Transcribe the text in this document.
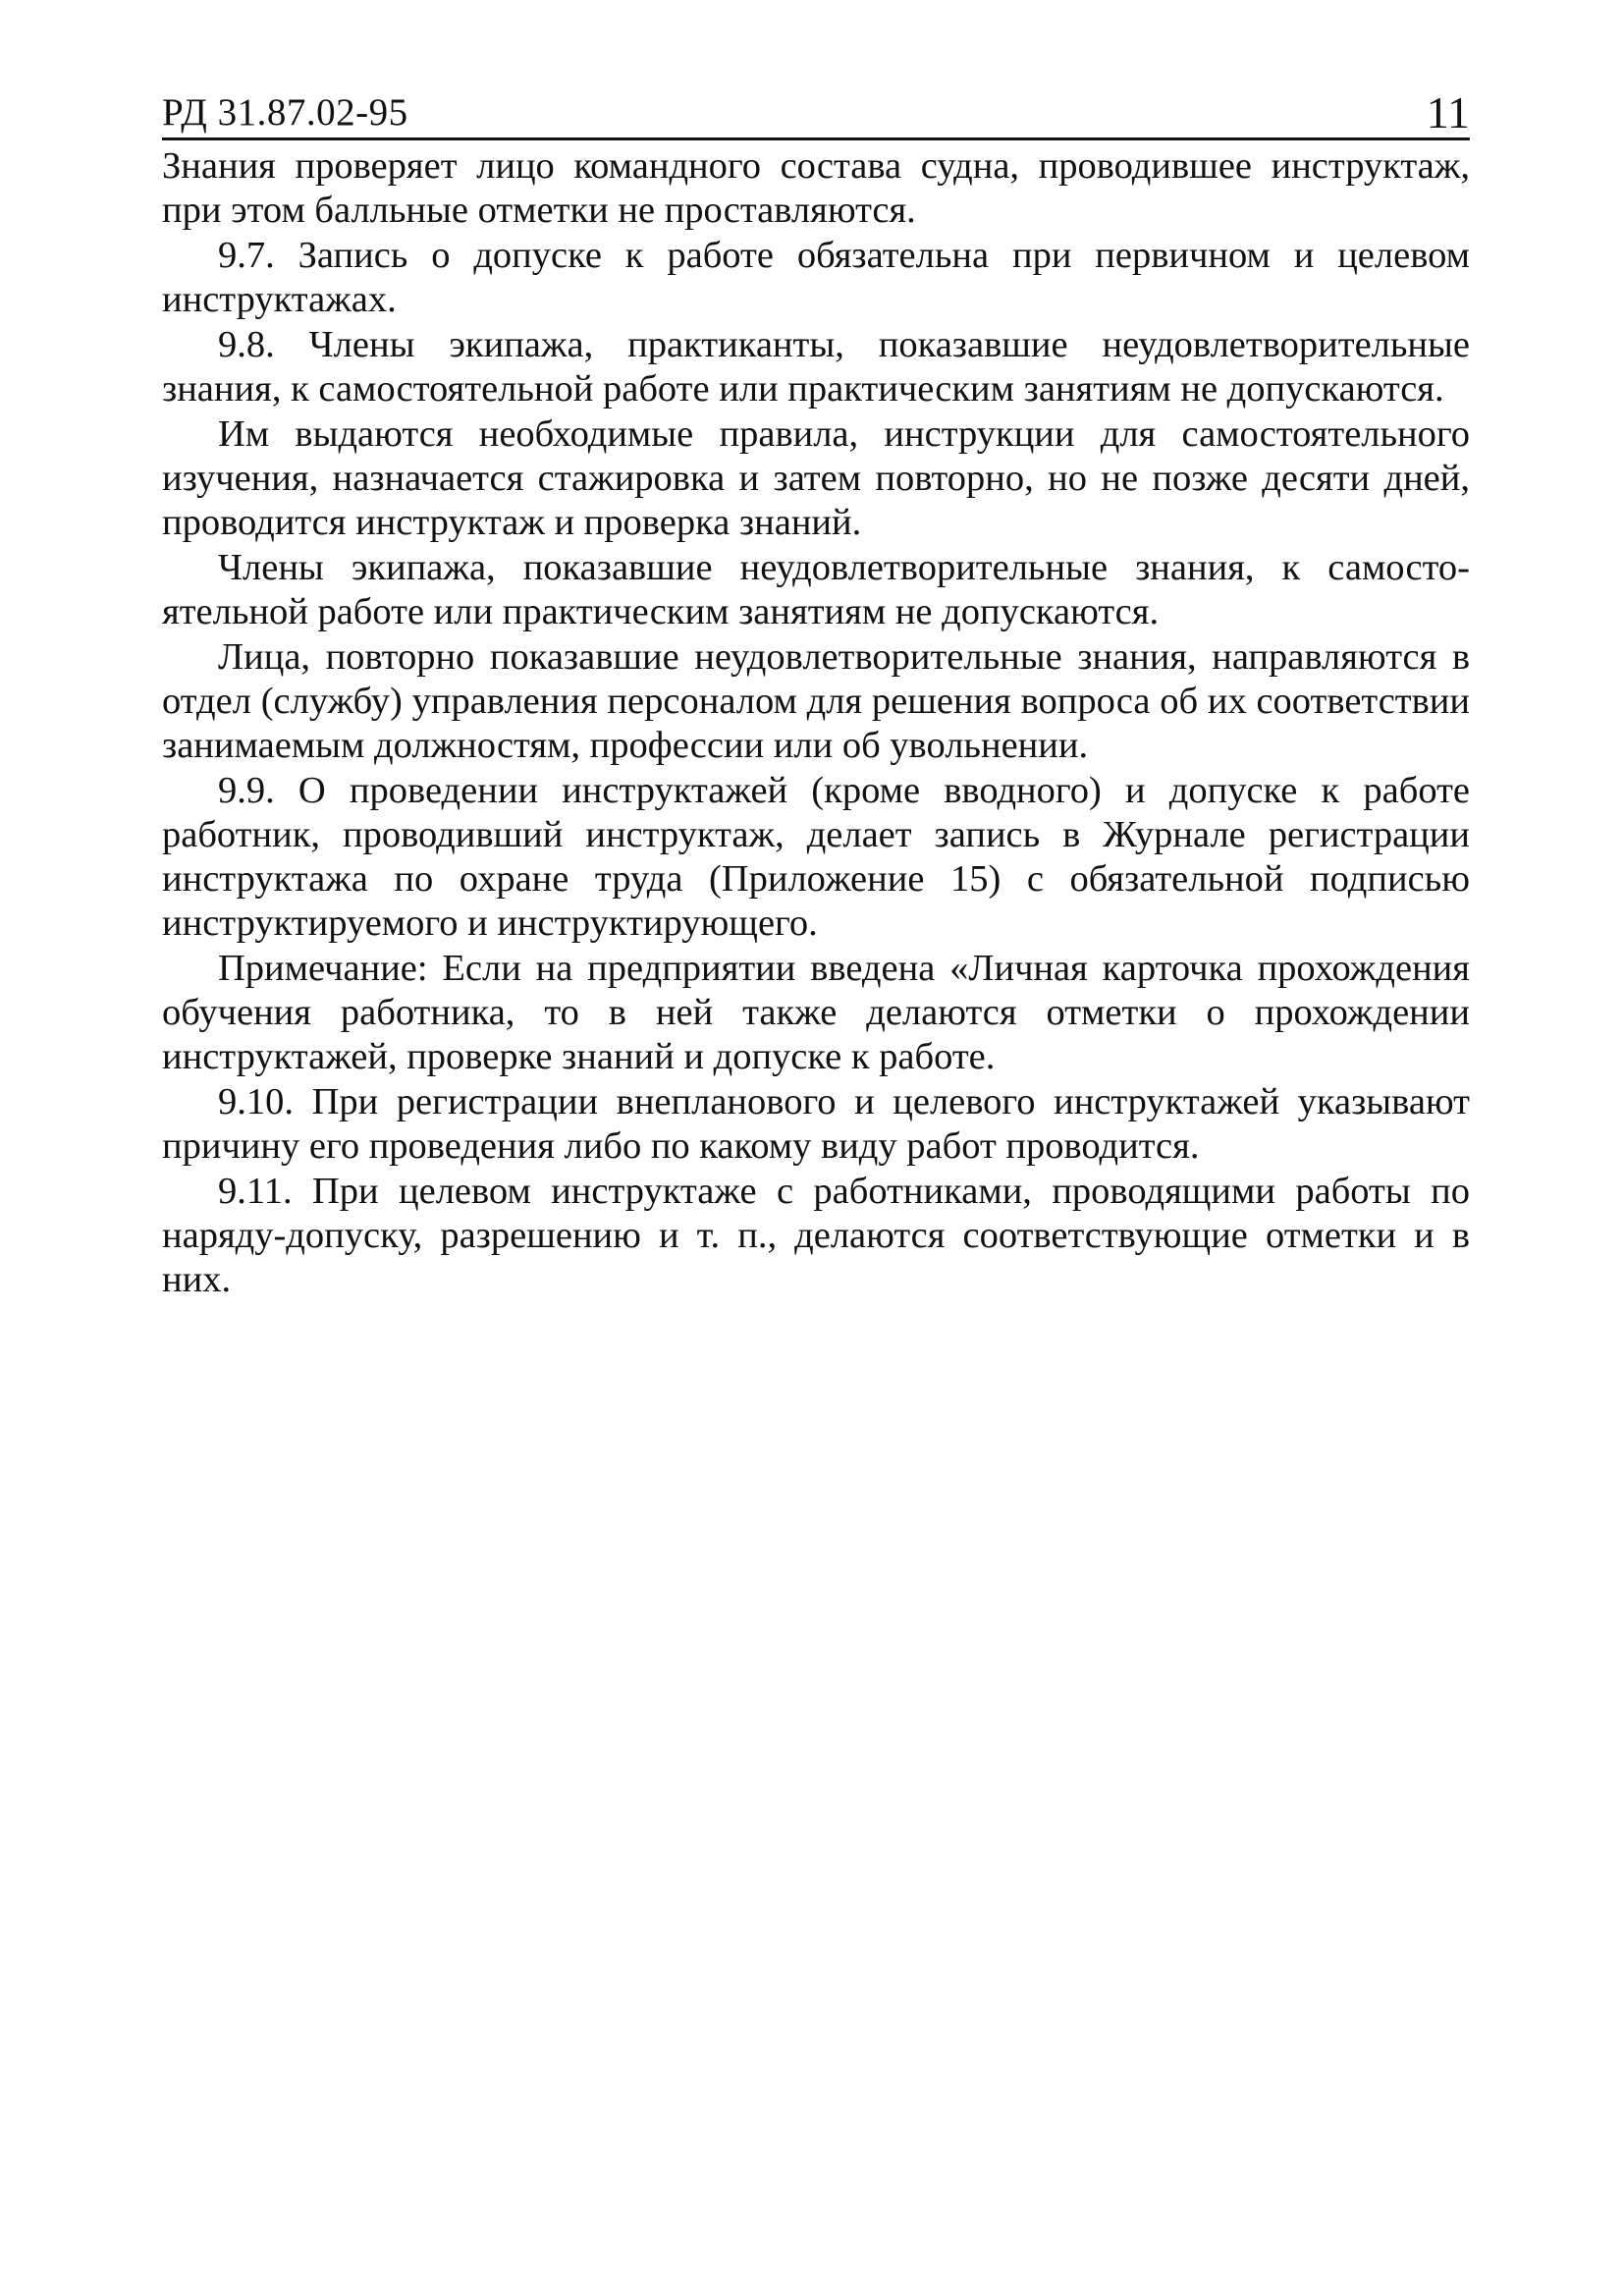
РД 31.87.02-95	11

Знания проверяет лицо командного состава судна, проводившее инструктаж, при этом балльные отметки не проставляются.

9.7. Запись о допуске к работе обязательна при первичном и целевом инструктажах.

9.8. Члены экипажа, практиканты, показавшие неудовлетворительные знания, к самостоятельной работе или практическим занятиям не допускаются.

Им выдаются необходимые правила, инструкции для самостоятельного изучения, назначается стажировка и затем повторно, но не позже десяти дней, проводится инструктаж и проверка знаний.

Члены экипажа, показавшие неудовлетворительные знания, к самостоятельной работе или практическим занятиям не допускаются.

Лица, повторно показавшие неудовлетворительные знания, направляются в отдел (службу) управления персоналом для решения вопроса об их соответствии занимаемым должностям, профессии или об увольнении.

9.9. О проведении инструктажей (кроме вводного) и допуске к работе работник, проводивший инструктаж, делает запись в Журнале регистрации инструктажа по охране труда (Приложение 15) с обязательной подписью инструктируемого и инструктирующего.

Примечание: Если на предприятии введена «Личная карточка прохождения обучения работника, то в ней также делаются отметки о прохождении инструктажей, проверке знаний и допуске к работе.

9.10. При регистрации внепланового и целевого инструктажей указывают причину его проведения либо по какому виду работ проводится.

9.11. При целевом инструктаже с работниками, проводящими работы по наряду-допуску, разрешению и т. п., делаются соответствующие отметки и в них.
